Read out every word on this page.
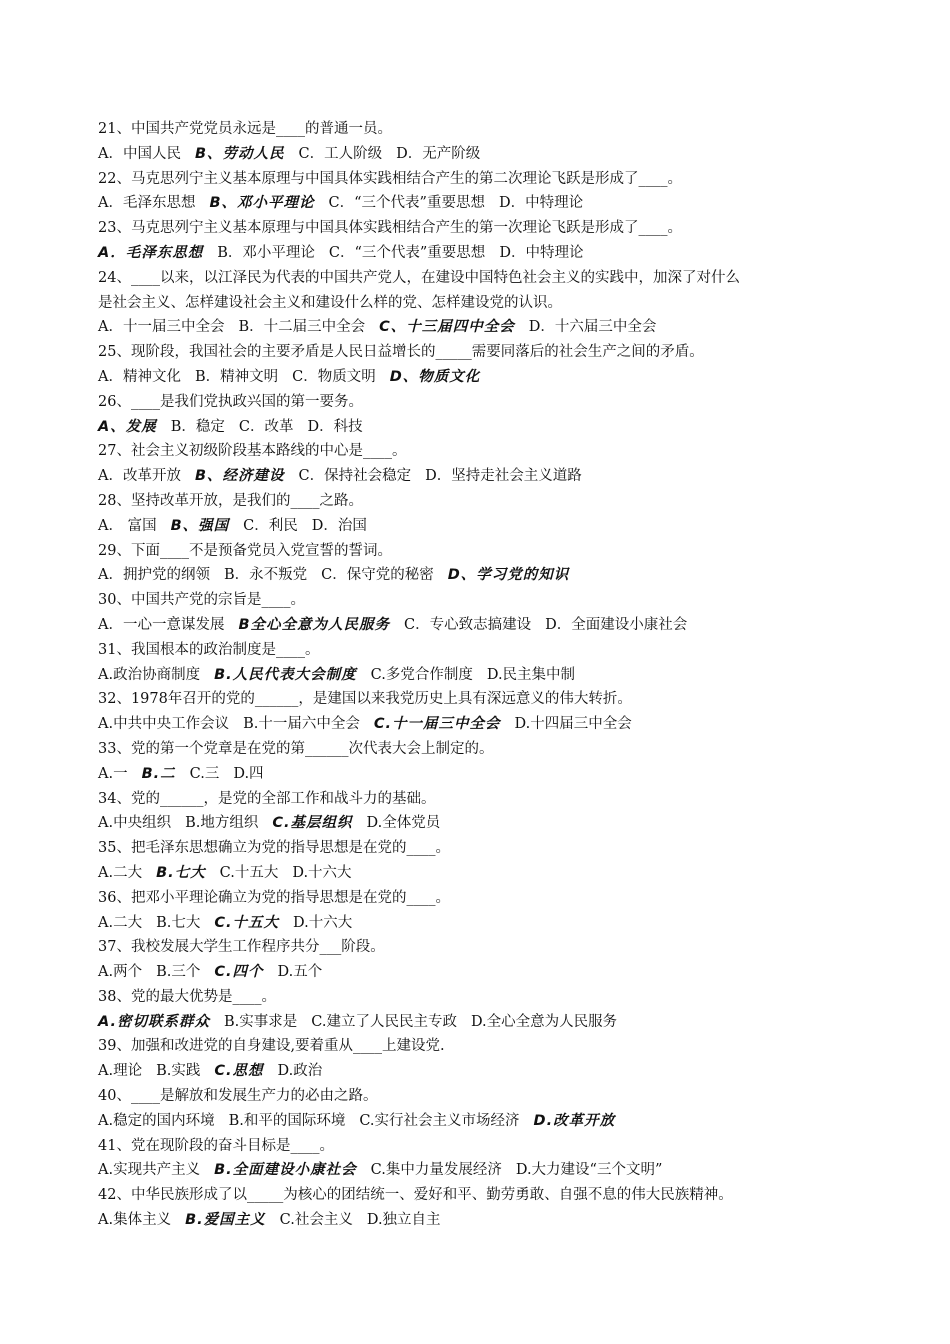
21、中国共产党党员永远是____的普通一员。
A．中国人民 B、劳动人民 C．工人阶级 D．无产阶级
22、马克思列宁主义基本原理与中国具体实践相结合产生的第二次理论飞跃是形成了____。
A．毛泽东思想 B、邓小平理论 C．“三个代表”重要思想 D．中特理论
23、马克思列宁主义基本原理与中国具体实践相结合产生的第一次理论飞跃是形成了____。
A．毛泽东思想 B．邓小平理论 C．“三个代表”重要思想 D．中特理论
24、____以来，以江泽民为代表的中国共产党人，在建设中国特色社会主义的实践中，加深了对什么
是社会主义、怎样建设社会主义和建设什么样的党、怎样建设党的认识。
A．十一届三中全会 B．十二届三中全会 C、十三届四中全会 D．十六届三中全会
25、现阶段，我国社会的主要矛盾是人民日益增长的_____需要同落后的社会生产之间的矛盾。
A．精神文化 B．精神文明 C．物质文明 D、物质文化
26、____是我们党执政兴国的第一要务。
A、发展 B．稳定 C．改革 D．科技
27、社会主义初级阶段基本路线的中心是____。
A．改革开放 B、经济建设 C．保持社会稳定 D．坚持走社会主义道路
28、坚持改革开放，是我们的____之路。
A． 富国 B、强国 C．利民 D．治国
29、下面____不是预备党员入党宣誓的誓词。
A．拥护党的纲领 B．永不叛党 C．保守党的秘密 D、学习党的知识
30、中国共产党的宗旨是____。
A．一心一意谋发展 B全心全意为人民服务 C．专心致志搞建设 D．全面建设小康社会
31、我国根本的政治制度是____。
A.政治协商制度 B.人民代表大会制度 C.多党合作制度 D.民主集中制
32、1978年召开的党的______，是建国以来我党历史上具有深远意义的伟大转折。
A.中共中央工作会议 B.十一届六中全会 C.十一届三中全会 D.十四届三中全会
33、党的第一个党章是在党的第______次代表大会上制定的。
A.一 B.二 C.三 D.四
34、党的______，是党的全部工作和战斗力的基础。
A.中央组织 B.地方组织 C.基层组织 D.全体党员
35、把毛泽东思想确立为党的指导思想是在党的____。
A.二大 B.七大 C.十五大 D.十六大
36、把邓小平理论确立为党的指导思想是在党的____。
A.二大 B.七大 C.十五大 D.十六大
37、我校发展大学生工作程序共分___阶段。
A.两个 B.三个 C.四个 D.五个
38、党的最大优势是____。
A.密切联系群众 B.实事求是 C.建立了人民民主专政 D.全心全意为人民服务
39、加强和改进党的自身建设,要着重从____上建设党.
A.理论 B.实践 C.思想 D.政治
40、____是解放和发展生产力的必由之路。
A.稳定的国内环境 B.和平的国际环境 C.实行社会主义市场经济 D.改革开放
41、党在现阶段的奋斗目标是____。
A.实现共产主义 B.全面建设小康社会 C.集中力量发展经济 D.大力建设“三个文明”
42、中华民族形成了以_____为核心的团结统一、爱好和平、勤劳勇敢、自强不息的伟大民族精神。
A.集体主义 B.爱国主义 C.社会主义 D.独立自主
